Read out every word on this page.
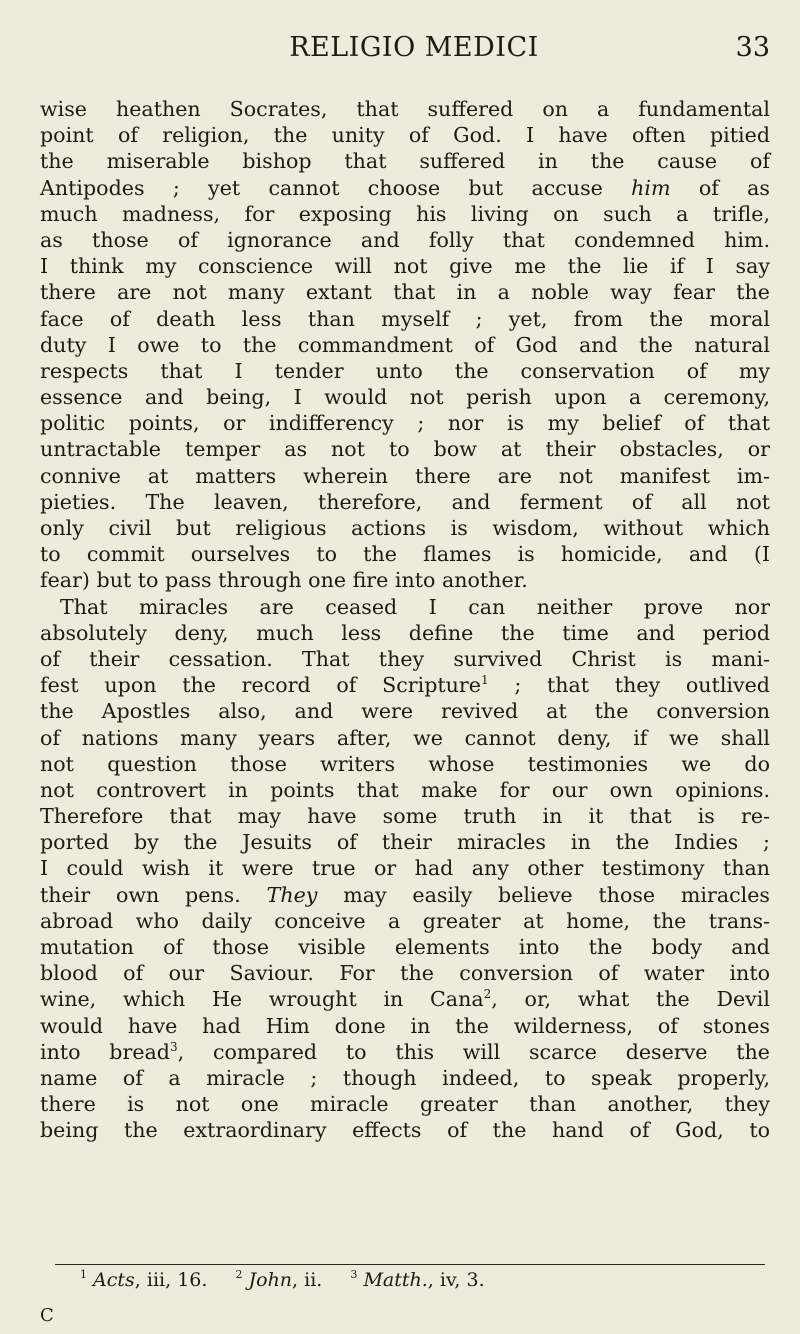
RELIGIO MEDICI	33
wise heathen Socrates, that suffered on a fundamental
point of religion, the unity of God. I have often pitied
the miserable bishop that suffered in the cause of
Antipodes ; yet cannot choose but accuse him of as
much madness, for exposing his living on such a trifle,
as those of ignorance and folly that condemned him.
I think my conscience will not give me the lie if I say
there are not many extant that in a noble way fear the
face of death less than myself ; yet, from the moral
duty I owe to the commandment of God and the natural
respects that I tender unto the conservation of my
essence and being, I would not perish upon a ceremony,
politic points, or indifferency ; nor is my belief of that
untractable temper as not to bow at their obstacles, or
connive at matters wherein there are not manifest im-
pieties. The leaven, therefore, and ferment of all not
only civil but religious actions is wisdom, without which
to commit ourselves to the flames is homicide, and (I
fear) but to pass through one fire into another.
That miracles are ceased I can neither prove nor
absolutely deny, much less define the time and period
of their cessation. That they survived Christ is mani-
fest upon the record of Scripture$^1$ ; that they outlived
the Apostles also, and were revived at the conversion
of nations many years after, we cannot deny, if we shall
not question those writers whose testimonies we do
not controvert in points that make for our own opinions.
Therefore that may have some truth in it that is re-
ported by the Jesuits of their miracles in the Indies ;
I could wish it were true or had any other testimony than
their own pens. They may easily believe those miracles
abroad who daily conceive a greater at home, the trans-
mutation of those visible elements into the body and
blood of our Saviour. For the conversion of water into
wine, which He wrought in Cana$^2$, or, what the Devil
would have had Him done in the wilderness, of stones
into bread$^3$, compared to this will scarce deserve the
name of a miracle ; though indeed, to speak properly,
there is not one miracle greater than another, they
being the extraordinary effects of the hand of God, to
$^1$ Acts, iii, 16.	$^2$ John, ii.	$^3$ Matth., iv, 3.
C
